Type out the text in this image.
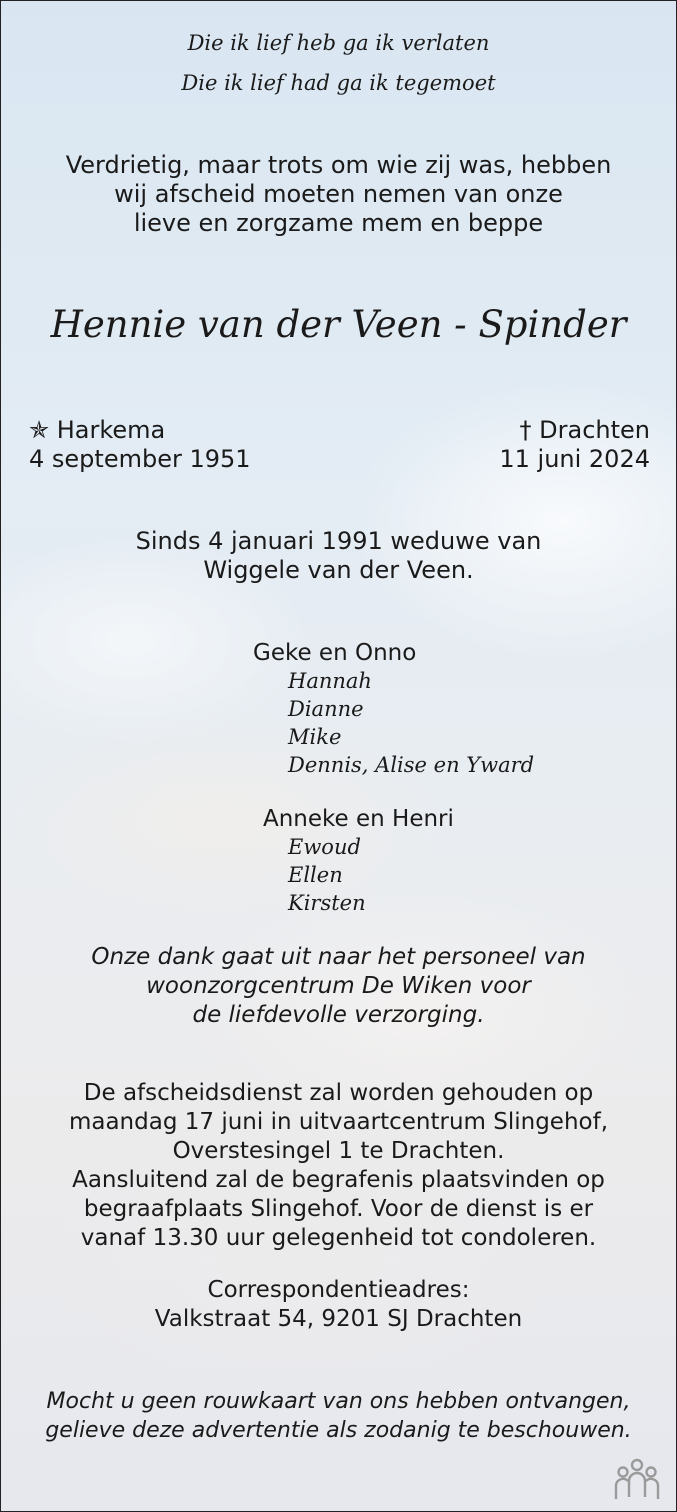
Die ik lief heb ga ik verlaten
Die ik lief had ga ik tegemoet
Verdrietig, maar trots om wie zij was, hebben
wij afscheid moeten nemen van onze
lieve en zorgzame mem en beppe
Hennie van der Veen - Spinder
✯ Harkema
4 september 1951
† Drachten
11 juni 2024
Sinds 4 januari 1991 weduwe van
Wiggele van der Veen.
Geke en Onno
Hannah
Dianne
Mike
Dennis, Alise en Yward
Anneke en Henri
Ewoud
Ellen
Kirsten
Onze dank gaat uit naar het personeel van
woonzorgcentrum De Wiken voor
de liefdevolle verzorging.
De afscheidsdienst zal worden gehouden op
maandag 17 juni in uitvaartcentrum Slingehof,
Overstesingel 1 te Drachten.
Aansluitend zal de begrafenis plaatsvinden op
begraafplaats Slingehof. Voor de dienst is er
vanaf 13.30 uur gelegenheid tot condoleren.
Correspondentieadres:
Valkstraat 54, 9201 SJ Drachten
Mocht u geen rouwkaart van ons hebben ontvangen,
gelieve deze advertentie als zodanig te beschouwen.
